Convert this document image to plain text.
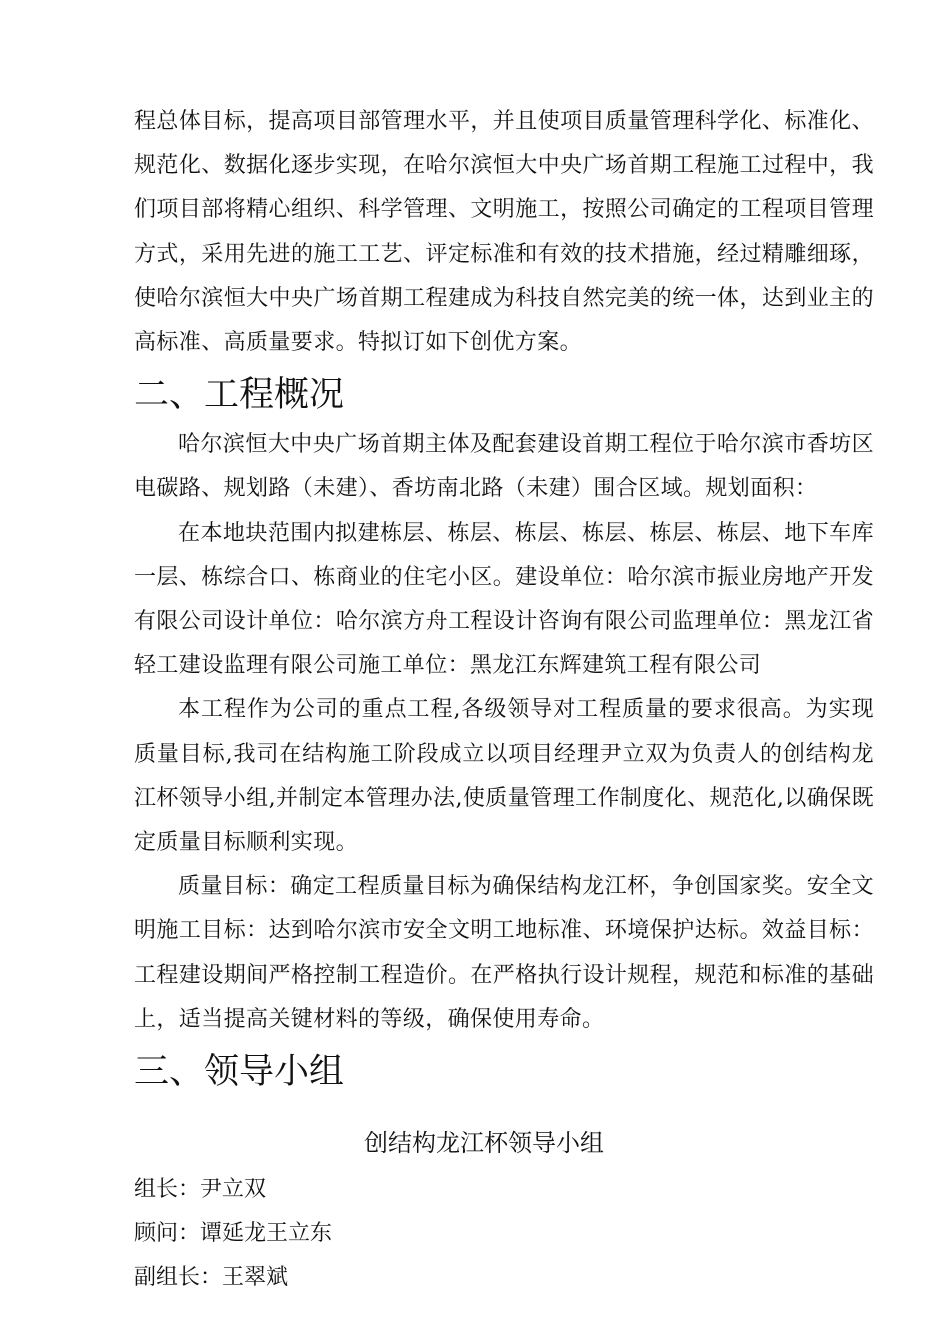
程总体目标，提高项目部管理水平，并且使项目质量管理科学化、标准化、规范化、数据化逐步实现，在哈尔滨恒大中央广场首期工程施工过程中，我们项目部将精心组织、科学管理、文明施工，按照公司确定的工程项目管理方式，采用先进的施工工艺、评定标准和有效的技术措施，经过精雕细琢，使哈尔滨恒大中央广场首期工程建成为科技自然完美的统一体，达到业主的高标准、高质量要求。特拟订如下创优方案。

二、工程概况

哈尔滨恒大中央广场首期主体及配套建设首期工程位于哈尔滨市香坊区电碳路、规划路（未建）、香坊南北路（未建）围合区域。规划面积：

在本地块范围内拟建栋层、栋层、栋层、栋层、栋层、栋层、地下车库一层、栋综合口、栋商业的住宅小区。建设单位：哈尔滨市振业房地产开发有限公司设计单位：哈尔滨方舟工程设计咨询有限公司监理单位：黑龙江省轻工建设监理有限公司施工单位：黑龙江东辉建筑工程有限公司

本工程作为公司的重点工程,各级领导对工程质量的要求很高。为实现质量目标,我司在结构施工阶段成立以项目经理尹立双为负责人的创结构龙江杯领导小组,并制定本管理办法,使质量管理工作制度化、规范化,以确保既定质量目标顺利实现。

质量目标：确定工程质量目标为确保结构龙江杯，争创国家奖。安全文明施工目标：达到哈尔滨市安全文明工地标准、环境保护达标。效益目标：工程建设期间严格控制工程造价。在严格执行设计规程，规范和标准的基础上，适当提高关键材料的等级，确保使用寿命。

三、领导小组
创结构龙江杯领导小组
组长：尹立双
顾问：谭延龙王立东
副组长：王翠斌
